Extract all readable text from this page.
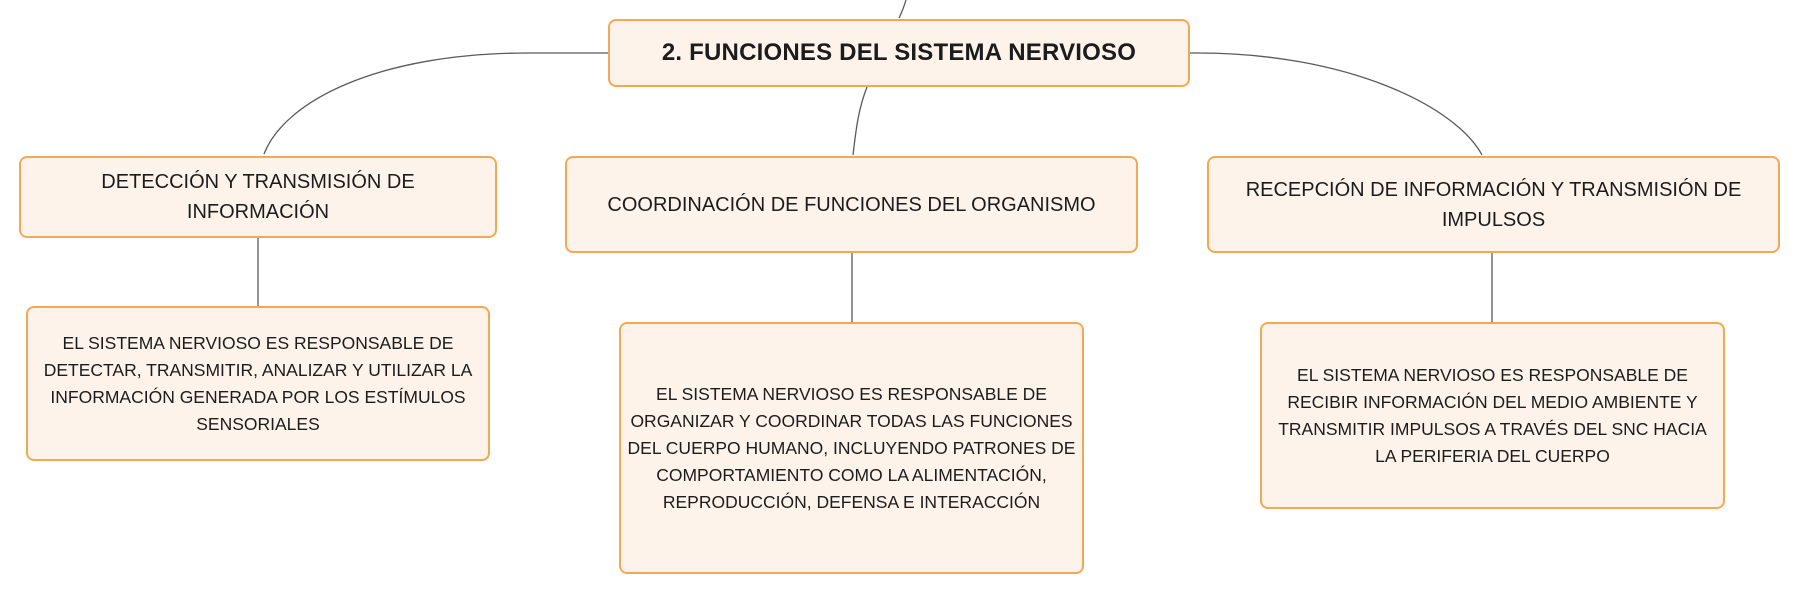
2. FUNCIONES DEL SISTEMA NERVIOSO
DETECCIÓN Y TRANSMISIÓN DE INFORMACIÓN	COORDINACIÓN DE FUNCIONES DEL ORGANISMO
RECEPCIÓN DE INFORMACIÓN Y TRANSMISIÓN DE IMPULSOS
EL SISTEMA NERVIOSO ES RESPONSABLE DE DETECTAR, TRANSMITIR, ANALIZAR Y UTILIZAR LA INFORMACIÓN GENERADA POR LOS ESTÍMULOS SENSORIALES
EL SISTEMA NERVIOSO ES RESPONSABLE DE ORGANIZAR Y COORDINAR TODAS LAS FUNCIONES DEL CUERPO HUMANO, INCLUYENDO PATRONES DE COMPORTAMIENTO COMO LA ALIMENTACIÓN, REPRODUCCIÓN, DEFENSA E INTERACCIÓN
EL SISTEMA NERVIOSO ES RESPONSABLE DE RECIBIR INFORMACIÓN DEL MEDIO AMBIENTE Y TRANSMITIR IMPULSOS A TRAVÉS DEL SNC HACIA LA PERIFERIA DEL CUERPO
